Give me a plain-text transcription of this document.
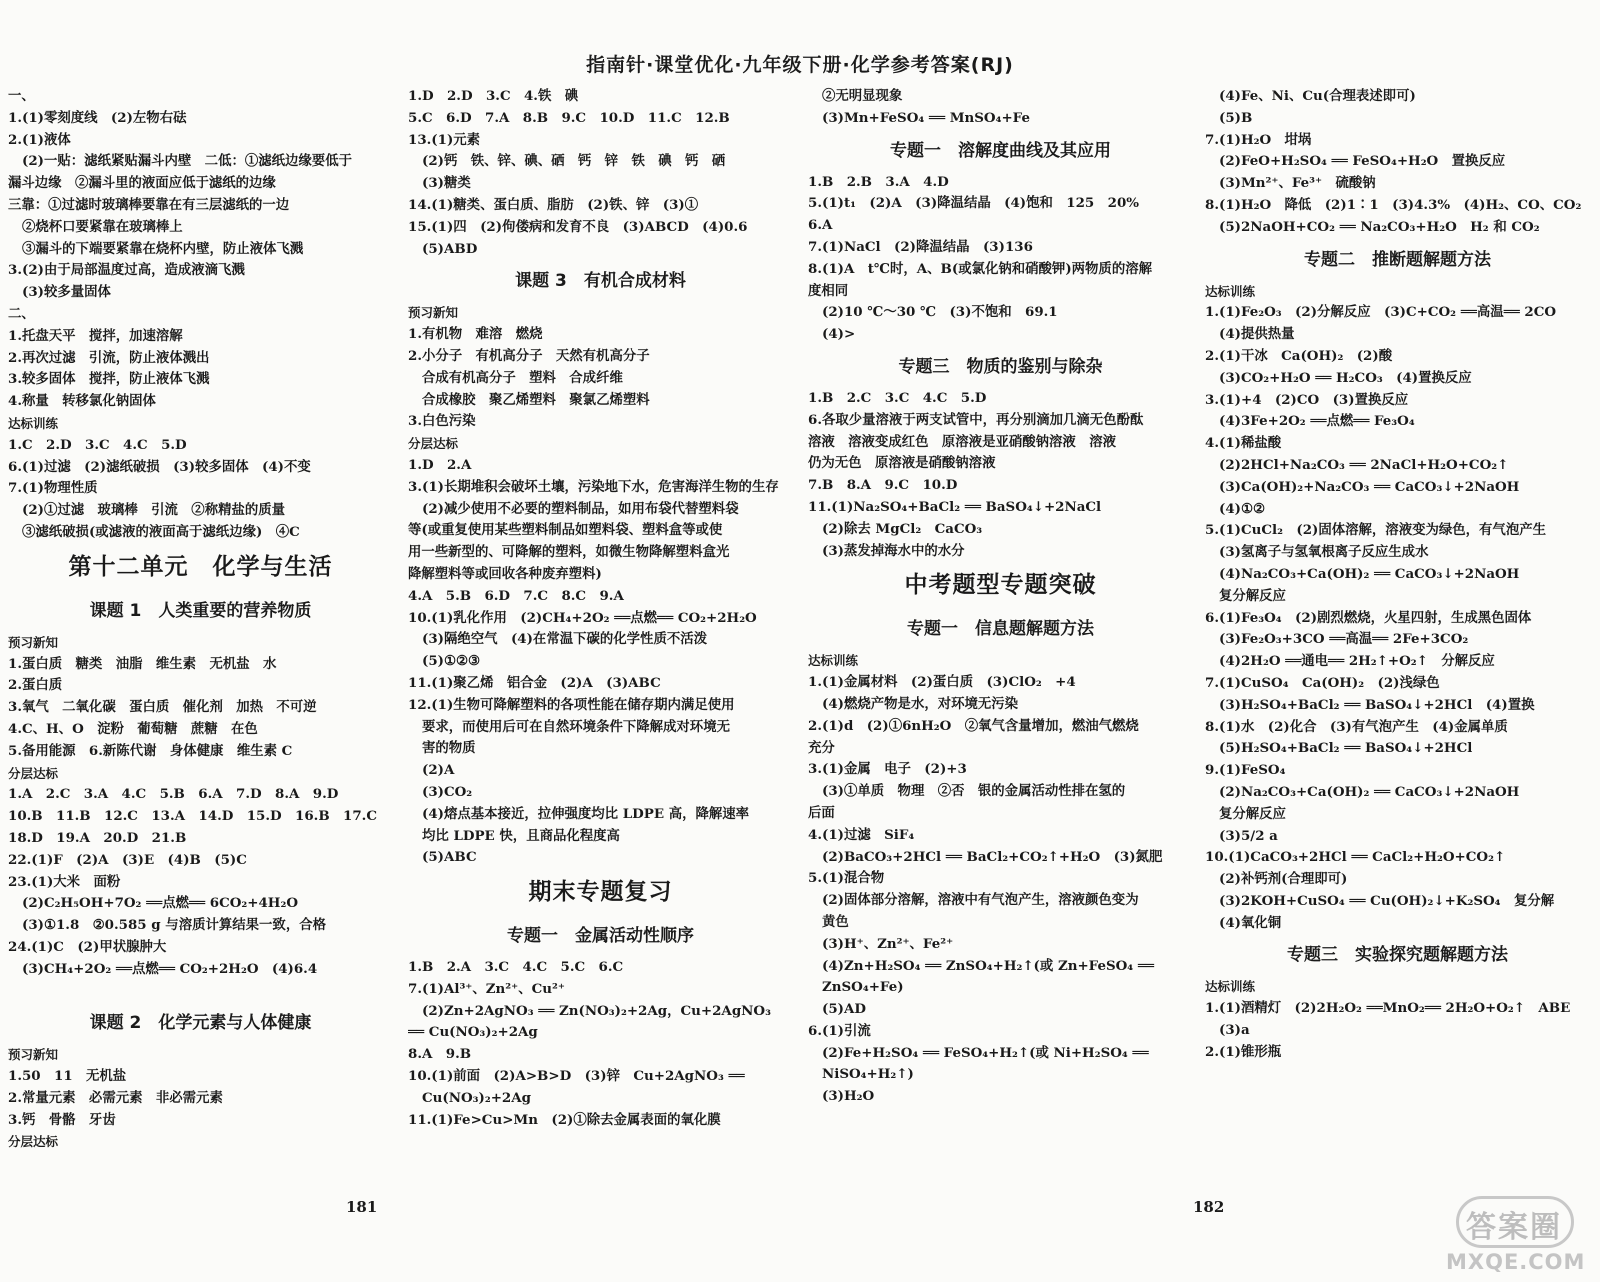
指南针·课堂优化·九年级下册·化学参考答案(RJ)
一、
1.(1)零刻度线　(2)左物右砝
2.(1)液体
(2)一贴：滤纸紧贴漏斗内壁　二低：①滤纸边缘要低于
漏斗边缘　②漏斗里的液面应低于滤纸的边缘
三靠：①过滤时玻璃棒要靠在有三层滤纸的一边
②烧杯口要紧靠在玻璃棒上
③漏斗的下端要紧靠在烧杯内壁，防止液体飞溅
3.(2)由于局部温度过高，造成液滴飞溅
(3)较多量固体
二、
1.托盘天平　搅拌，加速溶解
2.再次过滤　引流，防止液体溅出
3.较多固体　搅拌，防止液体飞溅
4.称量　转移氯化钠固体
达标训练
1.C　2.D　3.C　4.C　5.D
6.(1)过滤　(2)滤纸破损　(3)较多固体　(4)不变
7.(1)物理性质
(2)①过滤　玻璃棒　引流　②称精盐的质量
③滤纸破损(或滤液的液面高于滤纸边缘)　④C
第十二单元　化学与生活
课题 1　人类重要的营养物质
预习新知
1.蛋白质　糖类　油脂　维生素　无机盐　水
2.蛋白质
3.氧气　二氧化碳　蛋白质　催化剂　加热　不可逆
4.C、H、O　淀粉　葡萄糖　蔗糖　在色
5.备用能源　6.新陈代谢　身体健康　维生素 C
分层达标
1.A　2.C　3.A　4.C　5.B　6.A　7.D　8.A　9.D
10.B　11.B　12.C　13.A　14.D　15.D　16.B　17.C
18.D　19.A　20.D　21.B
22.(1)F　(2)A　(3)E　(4)B　(5)C
23.(1)大米　面粉
(2)C₂H₅OH+7O₂ ══点燃══ 6CO₂+4H₂O
(3)①1.8　②0.585 g 与溶质计算结果一致，合格
24.(1)C　(2)甲状腺肿大
(3)CH₄+2O₂ ══点燃══ CO₂+2H₂O　(4)6.4
课题 2　化学元素与人体健康
预习新知
1.50　11　无机盐
2.常量元素　必需元素　非必需元素
3.钙　骨骼　牙齿
分层达标
1.D　2.D　3.C　4.铁　碘
5.C　6.D　7.A　8.B　9.C　10.D　11.C　12.B
13.(1)元素
(2)钙　铁、锌、碘、硒　钙　锌　铁　碘　钙　硒
(3)糖类
14.(1)糖类、蛋白质、脂肪　(2)铁、锌　(3)①
15.(1)四　(2)佝偻病和发育不良　(3)ABCD　(4)0.6
(5)ABD
课题 3　有机合成材料
预习新知
1.有机物　难溶　燃烧
2.小分子　有机高分子　天然有机高分子
合成有机高分子　塑料　合成纤维
合成橡胶　聚乙烯塑料　聚氯乙烯塑料
3.白色污染
分层达标
1.D　2.A
3.(1)长期堆积会破坏土壤，污染地下水，危害海洋生物的生存
(2)减少使用不必要的塑料制品，如用布袋代替塑料袋
等(或重复使用某些塑料制品如塑料袋、塑料盒等或使
用一些新型的、可降解的塑料，如微生物降解塑料盒光
降解塑料等或回收各种废弃塑料)
4.A　5.B　6.D　7.C　8.C　9.A
10.(1)乳化作用　(2)CH₄+2O₂ ══点燃══ CO₂+2H₂O
(3)隔绝空气　(4)在常温下碳的化学性质不活泼
(5)①②③
11.(1)聚乙烯　铝合金　(2)A　(3)ABC
12.(1)生物可降解塑料的各项性能在储存期内满足使用
要求，而使用后可在自然环境条件下降解成对环境无
害的物质
(2)A
(3)CO₂
(4)熔点基本接近，拉伸强度均比 LDPE 高，降解速率
均比 LDPE 快，且商品化程度高
(5)ABC
期末专题复习
专题一　金属活动性顺序
1.B　2.A　3.C　4.C　5.C　6.C
7.(1)Al³⁺、Zn²⁺、Cu²⁺
(2)Zn+2AgNO₃ ══ Zn(NO₃)₂+2Ag，Cu+2AgNO₃
══ Cu(NO₃)₂+2Ag
8.A　9.B
10.(1)前面　(2)A>B>D　(3)锌　Cu+2AgNO₃ ══
Cu(NO₃)₂+2Ag
11.(1)Fe>Cu>Mn　(2)①除去金属表面的氧化膜
②无明显现象
(3)Mn+FeSO₄ ══ MnSO₄+Fe
专题一　溶解度曲线及其应用
1.B　2.B　3.A　4.D
5.(1)t₁　(2)A　(3)降温结晶　(4)饱和　125　20%
6.A
7.(1)NaCl　(2)降温结晶　(3)136
8.(1)A　t℃时，A、B(或氯化钠和硝酸钾)两物质的溶解
度相同
(2)10 ℃～30 ℃　(3)不饱和　69.1
(4)>
专题三　物质的鉴别与除杂
1.B　2.C　3.C　4.C　5.D
6.各取少量溶液于两支试管中，再分别滴加几滴无色酚酞
溶液　溶液变成红色　原溶液是亚硝酸钠溶液　溶液
仍为无色　原溶液是硝酸钠溶液
7.B　8.A　9.C　10.D
11.(1)Na₂SO₄+BaCl₂ ══ BaSO₄↓+2NaCl
(2)除去 MgCl₂　CaCO₃
(3)蒸发掉海水中的水分
中考题型专题突破
专题一　信息题解题方法
达标训练
1.(1)金属材料　(2)蛋白质　(3)ClO₂　+4
(4)燃烧产物是水，对环境无污染
2.(1)d　(2)①6nH₂O　②氧气含量增加，燃油气燃烧
充分
3.(1)金属　电子　(2)+3
(3)①单质　物理　②否　银的金属活动性排在氢的
后面
4.(1)过滤　SiF₄
(2)BaCO₃+2HCl ══ BaCl₂+CO₂↑+H₂O　(3)氮肥
5.(1)混合物
(2)固体部分溶解，溶液中有气泡产生，溶液颜色变为
黄色
(3)H⁺、Zn²⁺、Fe²⁺
(4)Zn+H₂SO₄ ══ ZnSO₄+H₂↑(或 Zn+FeSO₄ ══
ZnSO₄+Fe)
(5)AD
6.(1)引流
(2)Fe+H₂SO₄ ══ FeSO₄+H₂↑(或 Ni+H₂SO₄ ══
NiSO₄+H₂↑)
(3)H₂O
(4)Fe、Ni、Cu(合理表述即可)
(5)B
7.(1)H₂O　坩埚
(2)FeO+H₂SO₄ ══ FeSO₄+H₂O　置换反应
(3)Mn²⁺、Fe³⁺　硫酸钠
8.(1)H₂O　降低　(2)1∶1　(3)4.3%　(4)H₂、CO、CO₂
(5)2NaOH+CO₂ ══ Na₂CO₃+H₂O　H₂ 和 CO₂
专题二　推断题解题方法
达标训练
1.(1)Fe₂O₃　(2)分解反应　(3)C+CO₂ ══高温══ 2CO
(4)提供热量
2.(1)干冰　Ca(OH)₂　(2)酸
(3)CO₂+H₂O ══ H₂CO₃　(4)置换反应
3.(1)+4　(2)CO　(3)置换反应
(4)3Fe+2O₂ ══点燃══ Fe₃O₄
4.(1)稀盐酸
(2)2HCl+Na₂CO₃ ══ 2NaCl+H₂O+CO₂↑
(3)Ca(OH)₂+Na₂CO₃ ══ CaCO₃↓+2NaOH
(4)①②
5.(1)CuCl₂　(2)固体溶解，溶液变为绿色，有气泡产生
(3)氢离子与氢氧根离子反应生成水
(4)Na₂CO₃+Ca(OH)₂ ══ CaCO₃↓+2NaOH
复分解反应
6.(1)Fe₃O₄　(2)剧烈燃烧，火星四射，生成黑色固体
(3)Fe₂O₃+3CO ══高温══ 2Fe+3CO₂
(4)2H₂O ══通电══ 2H₂↑+O₂↑　分解反应
7.(1)CuSO₄　Ca(OH)₂　(2)浅绿色
(3)H₂SO₄+BaCl₂ ══ BaSO₄↓+2HCl　(4)置换
8.(1)水　(2)化合　(3)有气泡产生　(4)金属单质
(5)H₂SO₄+BaCl₂ ══ BaSO₄↓+2HCl
9.(1)FeSO₄
(2)Na₂CO₃+Ca(OH)₂ ══ CaCO₃↓+2NaOH
复分解反应
(3)5/2 a
10.(1)CaCO₃+2HCl ══ CaCl₂+H₂O+CO₂↑
(2)补钙剂(合理即可)
(3)2KOH+CuSO₄ ══ Cu(OH)₂↓+K₂SO₄　复分解
(4)氧化铜
专题三　实验探究题解题方法
达标训练
1.(1)酒精灯　(2)2H₂O₂ ══MnO₂══ 2H₂O+O₂↑　ABE
(3)a
2.(1)锥形瓶
181	182
答案圈
MXQE.COM
